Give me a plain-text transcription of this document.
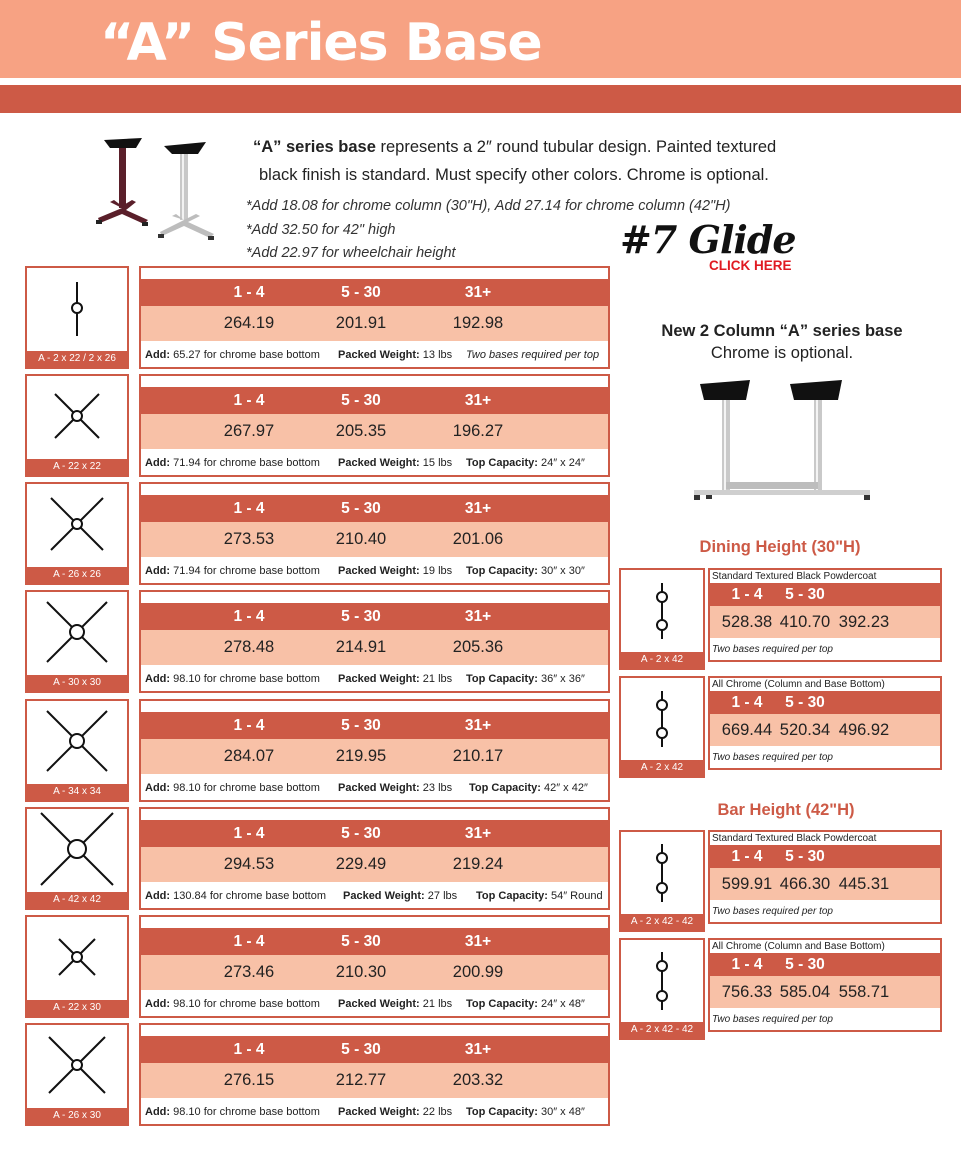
“A” Series Base
“A” series base represents a 2″ round tubular design. Painted textured
black finish is standard. Must specify other colors. Chrome is optional.
*Add 18.08 for chrome column (30"H), Add 27.14 for chrome column (42"H)
*Add 32.50 for 42" high
*Add 22.97 for wheelchair height	#7 Glide
CLICK HERE
A - 2 x 22 / 2 x 26
1 - 4	5 - 30	31+
264.19	201.91	192.98
Add: 65.27 for chrome base bottom Packed Weight: 13 lbs Two bases required per top
A - 22 x 22
1 - 4	5 - 30	31+
267.97	205.35	196.27
Add: 71.94 for chrome base bottom Packed Weight: 15 lbs Top Capacity: 24″ x 24″
A - 26 x 26
1 - 4	5 - 30	31+
273.53	210.40	201.06
Add: 71.94 for chrome base bottom Packed Weight: 19 lbs Top Capacity: 30″ x 30″
A - 30 x 30
1 - 4	5 - 30	31+
278.48	214.91	205.36
Add: 98.10 for chrome base bottom Packed Weight: 21 lbs Top Capacity: 36″ x 36″
A - 34 x 34
1 - 4	5 - 30	31+
284.07	219.95	210.17
Add: 98.10 for chrome base bottom Packed Weight: 23 lbs Top Capacity: 42″ x 42″
A - 42 x 42
1 - 4	5 - 30	31+
294.53	229.49	219.24
Add: 130.84 for chrome base bottom Packed Weight: 27 lbs Top Capacity: 54″ Round
A - 22 x 30
1 - 4	5 - 30	31+
273.46	210.30	200.99
Add: 98.10 for chrome base bottom Packed Weight: 21 lbs Top Capacity: 24″ x 48″
A - 26 x 30
1 - 4	5 - 30	31+
276.15	212.77	203.32
Add: 98.10 for chrome base bottom Packed Weight: 22 lbs Top Capacity: 30″ x 48″
New 2 Column “A” series base
Chrome is optional.
Dining Height (30"H)
Bar Height (42"H)
A - 2 x 42
Standard Textured Black Powdercoat
1 - 4	5 - 30
528.38 410.70 392.23
Two bases required per top
A - 2 x 42
All Chrome (Column and Base Bottom)
1 - 4	5 - 30
669.44 520.34 496.92
Two bases required per top
A - 2 x 42 - 42
Standard Textured Black Powdercoat
1 - 4	5 - 30
599.91 466.30 445.31
Two bases required per top
A - 2 x 42 - 42
All Chrome (Column and Base Bottom)
1 - 4	5 - 30
756.33 585.04 558.71
Two bases required per top
